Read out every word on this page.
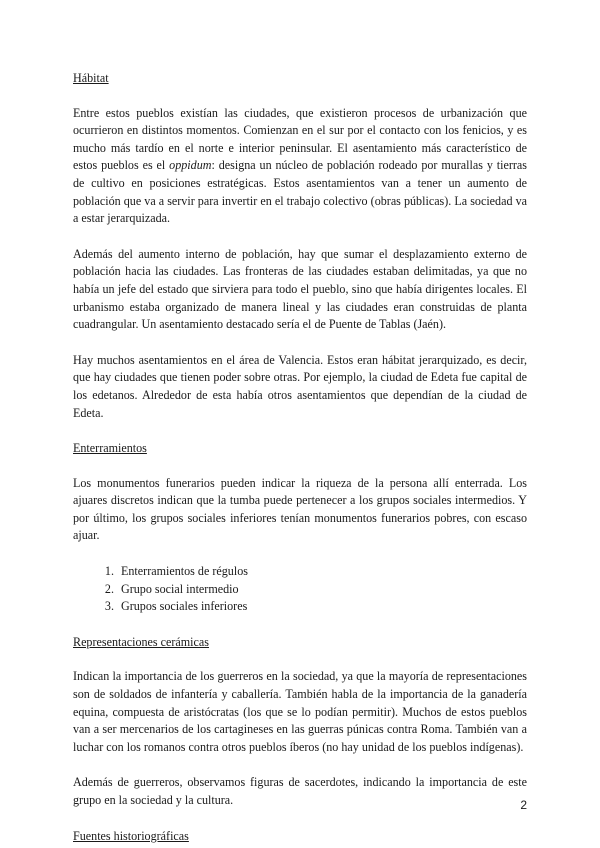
Hábitat

Entre estos pueblos existían las ciudades, que existieron procesos de urbanización que ocurrieron en distintos momentos. Comienzan en el sur por el contacto con los fenicios, y es mucho más tardío en el norte e interior peninsular. El asentamiento más característico de estos pueblos es el oppidum: designa un núcleo de población rodeado por murallas y tierras de cultivo en posiciones estratégicas. Estos asentamientos van a tener un aumento de población que va a servir para invertir en el trabajo colectivo (obras públicas). La sociedad va a estar jerarquizada.

Además del aumento interno de población, hay que sumar el desplazamiento externo de población hacia las ciudades. Las fronteras de las ciudades estaban delimitadas, ya que no había un jefe del estado que sirviera para todo el pueblo, sino que había dirigentes locales. El urbanismo estaba organizado de manera lineal y las ciudades eran construidas de planta cuadrangular. Un asentamiento destacado sería el de Puente de Tablas (Jaén).

Hay muchos asentamientos en el área de Valencia. Estos eran hábitat jerarquizado, es decir, que hay ciudades que tienen poder sobre otras. Por ejemplo, la ciudad de Edeta fue capital de los edetanos. Alrededor de esta había otros asentamientos que dependían de la ciudad de Edeta.

Enterramientos

Los monumentos funerarios pueden indicar la riqueza de la persona allí enterrada. Los ajuares discretos indican que la tumba puede pertenecer a los grupos sociales intermedios. Y por último, los grupos sociales inferiores tenían monumentos funerarios pobres, con escaso ajuar.

1. Enterramientos de régulos
2. Grupo social intermedio
3. Grupos sociales inferiores
Representaciones cerámicas

Indican la importancia de los guerreros en la sociedad, ya que la mayoría de representaciones son de soldados de infantería y caballería. También habla de la importancia de la ganadería equina, compuesta de aristócratas (los que se lo podían permitir). Muchos de estos pueblos van a ser mercenarios de los cartagineses en las guerras púnicas contra Roma. También van a luchar con los romanos contra otros pueblos íberos (no hay unidad de los pueblos indígenas).

Además de guerreros, observamos figuras de sacerdotes, indicando la importancia de este grupo en la sociedad y la cultura.

Fuentes historiográficas
2
